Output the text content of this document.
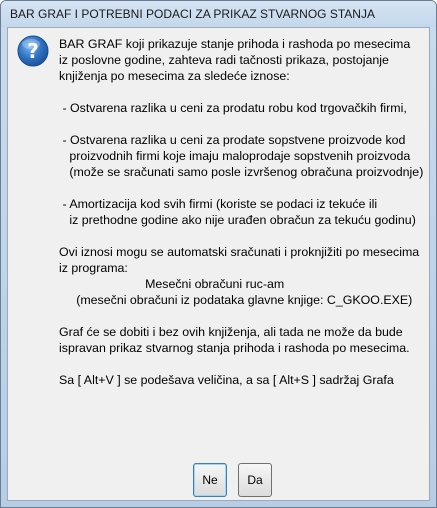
BAR GRAF I POTREBNI PODACI ZA PRIKAZ STVARNOG STANJA
? BAR GRAF koji prikazuje stanje prihoda i rashoda po mesecima
iz poslovne godine, zahteva radi tačnosti prikaza, postojanje
knjiženja po mesecima za sledeće iznose:
- Ostvarena razlika u ceni za prodatu robu kod trgovačkih firmi,
- Ostvarena razlika u ceni za prodate sopstvene proizvode kod
proizvodnih firmi koje imaju maloprodaje sopstvenih proizvoda
(može se sračunati samo posle izvršenog obračuna proizvodnje)
- Amortizacija kod svih firmi (koriste se podaci iz tekuće ili
iz prethodne godine ako nije urađen obračun za tekuću godinu)
Ovi iznosi mogu se automatski sračunati i proknjižiti po mesecima
iz programa:
Mesečni obračuni ruc-am
(mesečni obračuni iz podataka glavne knjige: C_GKOO.EXE)
Graf će se dobiti i bez ovih knjiženja, ali tada ne može da bude
ispravan prikaz stvarnog stanja prihoda i rashoda po mesecima.
Sa [ Alt+V ] se podešava veličina, a sa [ Alt+S ] sadržaj Grafa
Ne	Da
